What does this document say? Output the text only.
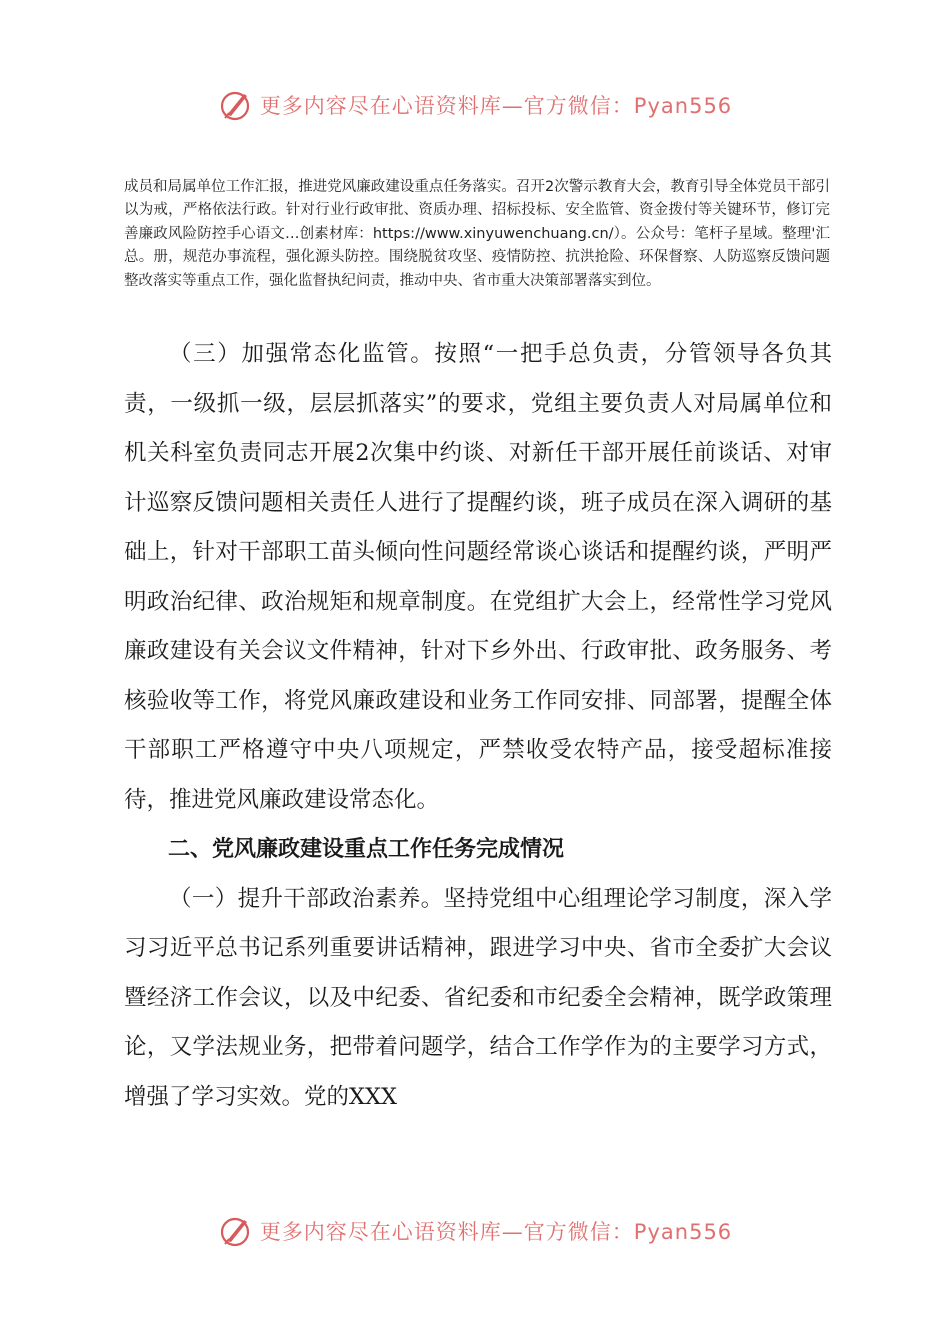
更多内容尽在心语资料库—官方微信：Pyan556

成员和局属单位工作汇报，推进党风廉政建设重点任务落实。召开2次警示教育大会，教育引导全体党员干部引以为戒，严格依法行政。针对行业行政审批、资质办理、招标投标、安全监管、资金拨付等关键环节，修订完善廉政风险防控手心语文…创素材库：https://www.xinyuwenchuang.cn/）。公众号：笔杆子星域。整理'汇总。册，规范办事流程，强化源头防控。围绕脱贫攻坚、疫情防控、抗洪抢险、环保督察、人防巡察反馈问题整改落实等重点工作，强化监督执纪问责，推动中央、省市重大决策部署落实到位。

（三）加强常态化监管。按照“一把手总负责，分管领导各负其责，一级抓一级，层层抓落实”的要求，党组主要负责人对局属单位和机关科室负责同志开展2次集中约谈、对新任干部开展任前谈话、对审计巡察反馈问题相关责任人进行了提醒约谈，班子成员在深入调研的基础上，针对干部职工苗头倾向性问题经常谈心谈话和提醒约谈，严明严明政治纪律、政治规矩和规章制度。在党组扩大会上，经常性学习党风廉政建设有关会议文件精神，针对下乡外出、行政审批、政务服务、考核验收等工作，将党风廉政建设和业务工作同安排、同部署，提醒全体干部职工严格遵守中央八项规定，严禁收受农特产品，接受超标准接待，推进党风廉政建设常态化。

二、党风廉政建设重点工作任务完成情况

（一）提升干部政治素养。坚持党组中心组理论学习制度，深入学习习近平总书记系列重要讲话精神，跟进学习中央、省市全委扩大会议暨经济工作会议，以及中纪委、省纪委和市纪委全会精神，既学政策理论，又学法规业务，把带着问题学，结合工作学作为的主要学习方式，增强了学习实效。党的XXX

更多内容尽在心语资料库—官方微信：Pyan556
